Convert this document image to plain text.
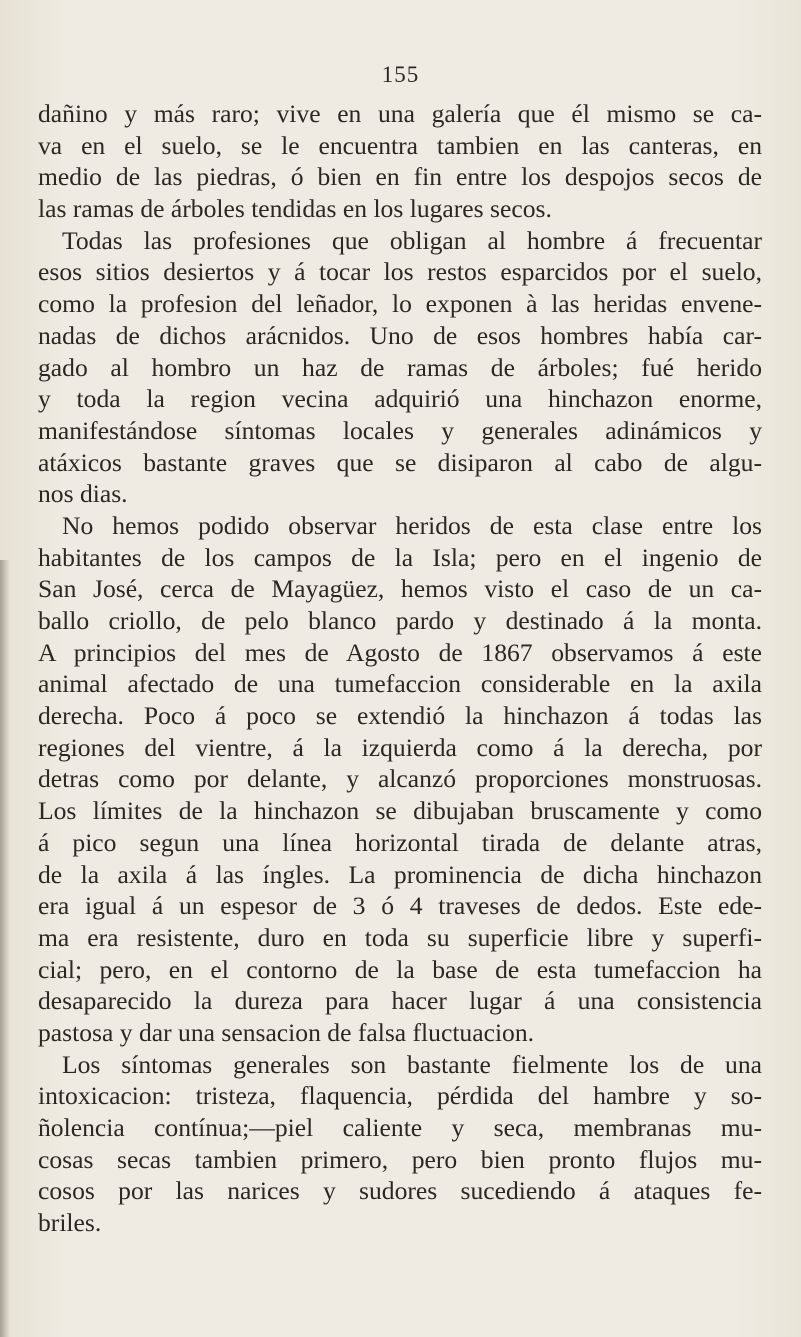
155
dañino y más raro; vive en una galería que él mismo se ca-
va en el suelo, se le encuentra tambien en las canteras, en
medio de las piedras, ó bien en fin entre los despojos secos de
las ramas de árboles tendidas en los lugares secos.
Todas las profesiones que obligan al hombre á frecuentar
esos sitios desiertos y á tocar los restos esparcidos por el suelo,
como la profesion del leñador, lo exponen à las heridas envene-
nadas de dichos arácnidos. Uno de esos hombres había car-
gado al hombro un haz de ramas de árboles; fué herido
y toda la region vecina adquirió una hinchazon enorme,
manifestándose síntomas locales y generales adinámicos y
atáxicos bastante graves que se disiparon al cabo de algu-
nos dias.
No hemos podido observar heridos de esta clase entre los
habitantes de los campos de la Isla; pero en el ingenio de
San José, cerca de Mayagüez, hemos visto el caso de un ca-
ballo criollo, de pelo blanco pardo y destinado á la monta.
A principios del mes de Agosto de 1867 observamos á este
animal afectado de una tumefaccion considerable en la axila
derecha. Poco á poco se extendió la hinchazon á todas las
regiones del vientre, á la izquierda como á la derecha, por
detras como por delante, y alcanzó proporciones monstruosas.
Los límites de la hinchazon se dibujaban bruscamente y como
á pico segun una línea horizontal tirada de delante atras,
de la axila á las íngles. La prominencia de dicha hinchazon
era igual á un espesor de 3 ó 4 traveses de dedos. Este ede-
ma era resistente, duro en toda su superficie libre y superfi-
cial; pero, en el contorno de la base de esta tumefaccion ha
desaparecido la dureza para hacer lugar á una consistencia
pastosa y dar una sensacion de falsa fluctuacion.
Los síntomas generales son bastante fielmente los de una
intoxicacion: tristeza, flaquencia, pérdida del hambre y so-
ñolencia contínua;—piel caliente y seca, membranas mu-
cosas secas tambien primero, pero bien pronto flujos mu-
cosos por las narices y sudores sucediendo á ataques fe-
briles.
